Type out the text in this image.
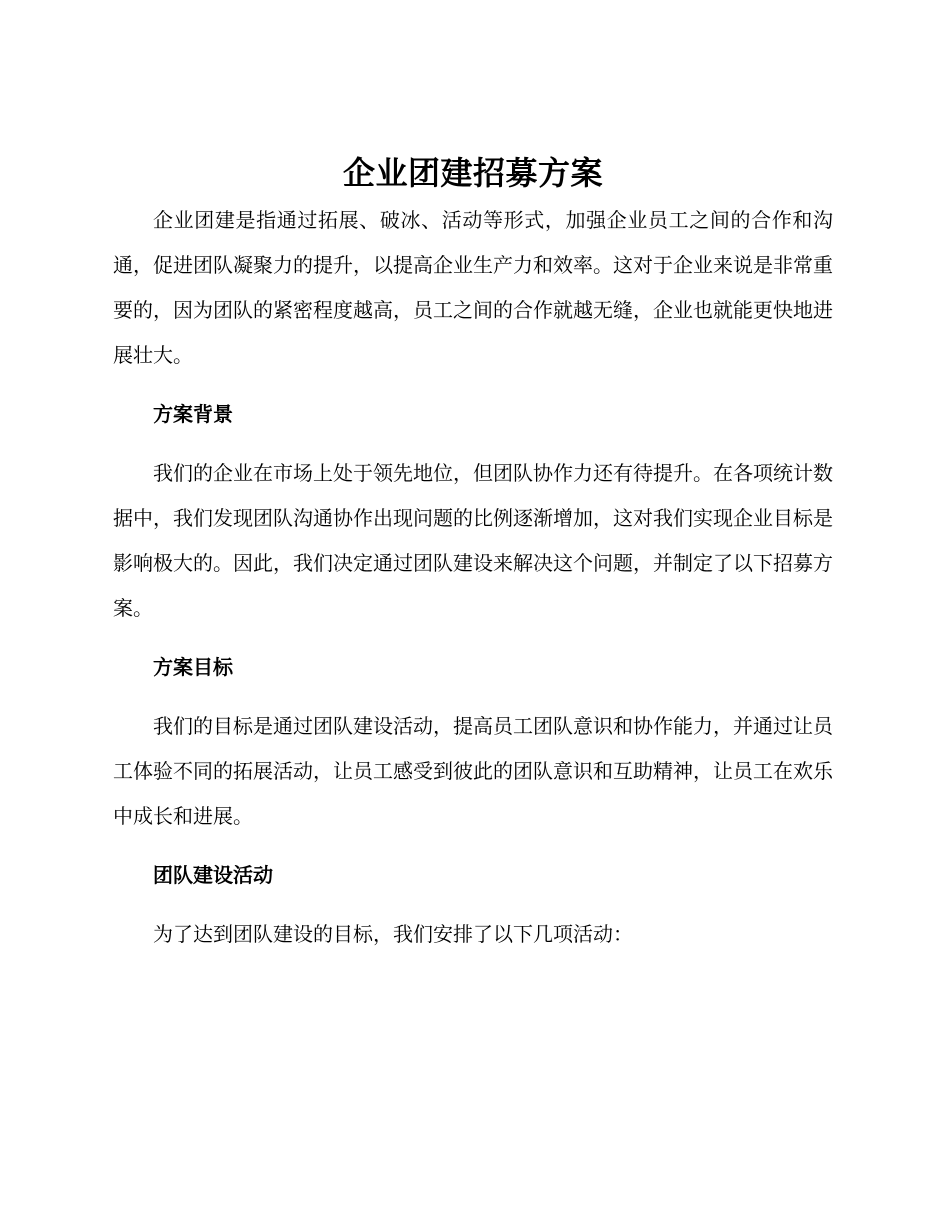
企业团建招募方案

企业团建是指通过拓展、破冰、活动等形式，加强企业员工之间的合作和沟通，促进团队凝聚力的提升，以提高企业生产力和效率。这对于企业来说是非常重要的，因为团队的紧密程度越高，员工之间的合作就越无缝，企业也就能更快地进展壮大。

方案背景

我们的企业在市场上处于领先地位，但团队协作力还有待提升。在各项统计数据中，我们发现团队沟通协作出现问题的比例逐渐增加，这对我们实现企业目标是影响极大的。因此，我们决定通过团队建设来解决这个问题，并制定了以下招募方案。

方案目标

我们的目标是通过团队建设活动，提高员工团队意识和协作能力，并通过让员工体验不同的拓展活动，让员工感受到彼此的团队意识和互助精神，让员工在欢乐中成长和进展。

团队建设活动

为了达到团队建设的目标，我们安排了以下几项活动：
